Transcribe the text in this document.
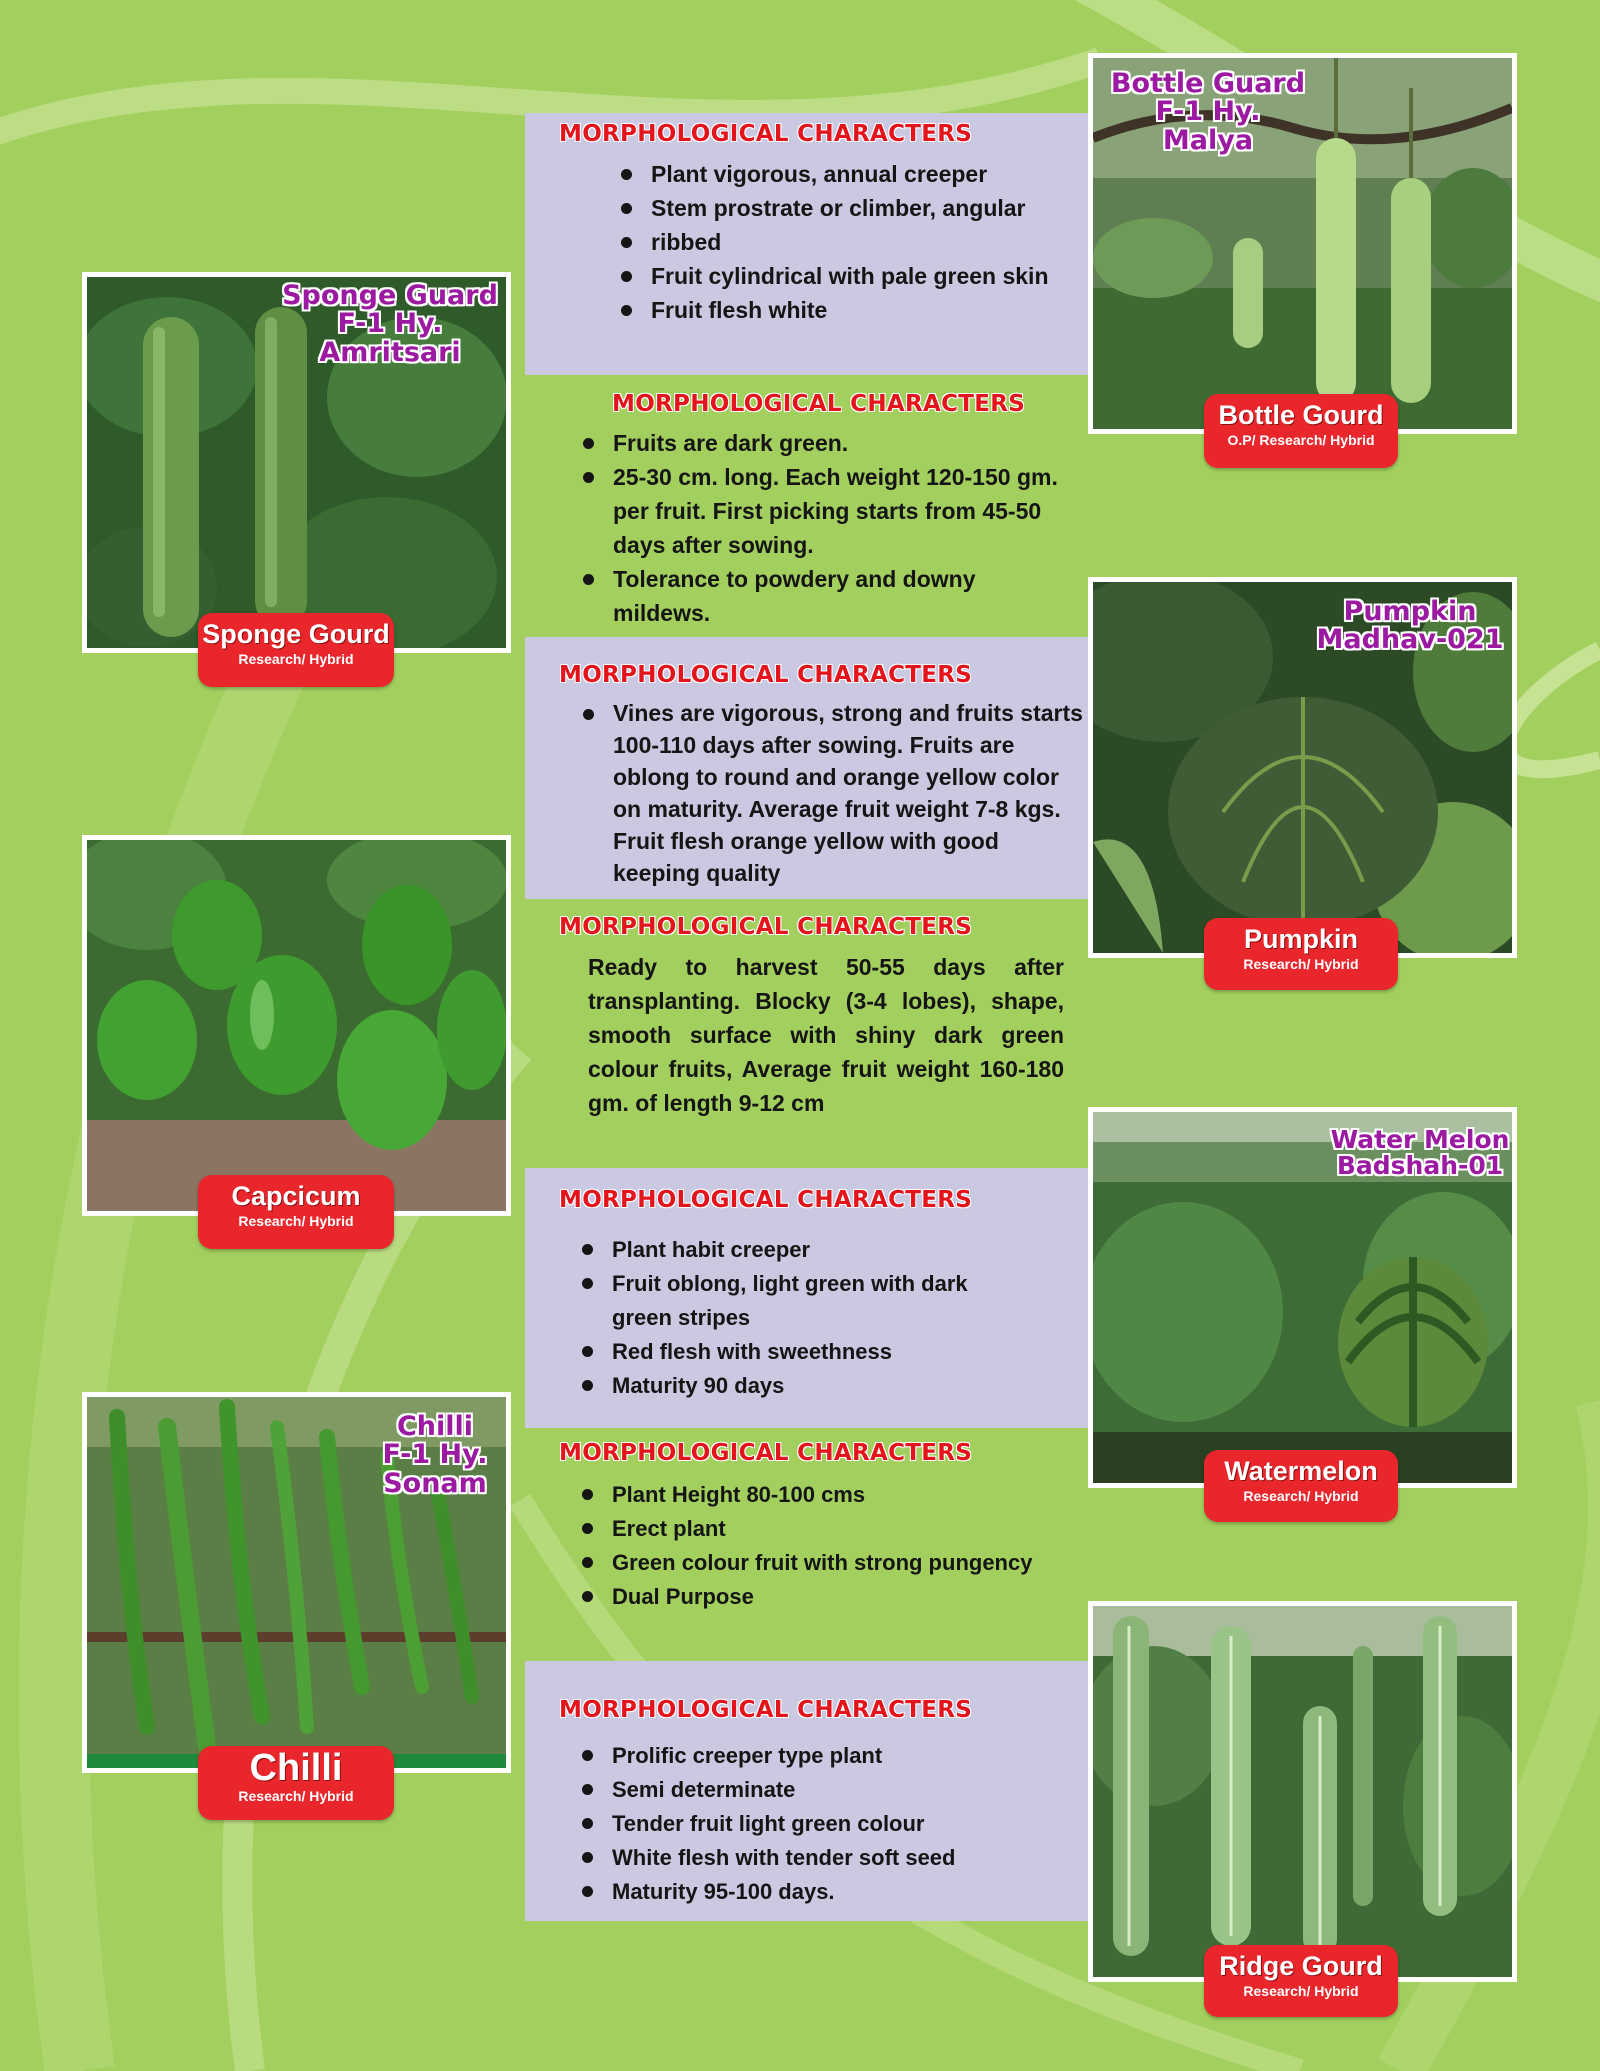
MORPHOLOGICAL CHARACTERS
Plant vigorous, annual creeper
Stem prostrate or climber, angular
ribbed
Fruit cylindrical with pale green skin
Fruit flesh white
MORPHOLOGICAL CHARACTERS
Fruits are dark green.
25-30 cm. long. Each weight 120-150 gm. per fruit. First picking starts from 45-50 days after sowing.
Tolerance to powdery and downy mildews.
MORPHOLOGICAL CHARACTERS
Vines are vigorous, strong and fruits starts 100-110 days after sowing. Fruits are oblong to round and orange yellow color on maturity. Average fruit weight 7-8 kgs. Fruit flesh orange yellow with good keeping quality
MORPHOLOGICAL CHARACTERS
Ready to harvest 50-55 days after transplanting. Blocky (3-4 lobes), shape, smooth surface with shiny dark green colour fruits, Average fruit weight 160-180 gm. of length 9-12 cm
MORPHOLOGICAL CHARACTERS
Plant habit creeper
Fruit oblong, light green with dark green stripes
Red flesh with sweethness
Maturity 90 days
MORPHOLOGICAL CHARACTERS
Plant Height 80-100 cms
Erect plant
Green colour fruit with strong pungency
Dual Purpose
MORPHOLOGICAL CHARACTERS
Prolific creeper type plant
Semi determinate
Tender fruit light green colour
White flesh with tender soft seed
Maturity 95-100 days.
Bottle Guard
F-1 Hy.
Malya
Bottle Gourd
O.P/ Research/ Hybrid
Sponge Guard
F-1 Hy.
Amritsari
Sponge Gourd
Research/ Hybrid
Pumpkin
Madhav-021
Pumpkin
Research/ Hybrid
Capcicum
Research/ Hybrid
Water Melon
Badshah-01
Watermelon
Research/ Hybrid
Chilli
F-1 Hy.
Sonam
Chilli
Research/ Hybrid
Ridge Gourd
Research/ Hybrid
